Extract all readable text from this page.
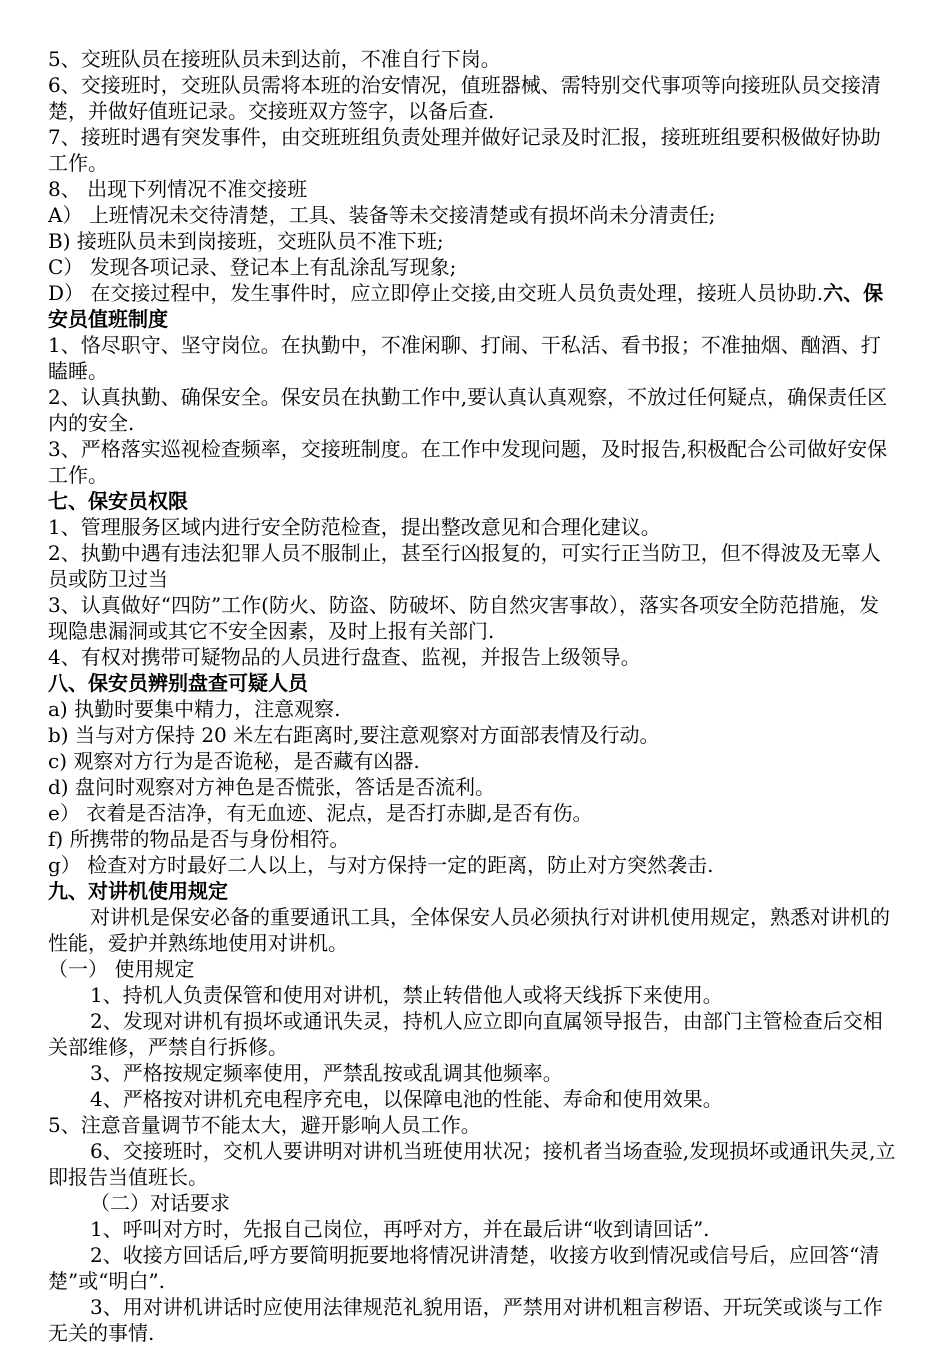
5、交班队员在接班队员未到达前，不准自行下岗。

6、交接班时，交班队员需将本班的治安情况，值班器械、需特别交代事项等向接班队员交接清楚，并做好值班记录。交接班双方签字，以备后查.

7、接班时遇有突发事件，由交班班组负责处理并做好记录及时汇报，接班班组要积极做好协助工作。

8、 出现下列情况不准交接班

A） 上班情况未交待清楚，工具、装备等未交接清楚或有损坏尚未分清责任;

B) 接班队员未到岗接班，交班队员不准下班;

C） 发现各项记录、登记本上有乱涂乱写现象;

D） 在交接过程中，发生事件时，应立即停止交接,由交班人员负责处理，接班人员协助.六、保安员值班制度

1、恪尽职守、坚守岗位。在执勤中，不准闲聊、打闹、干私活、看书报；不准抽烟、酗酒、打瞌睡。

2、认真执勤、确保安全。保安员在执勤工作中,要认真认真观察，不放过任何疑点，确保责任区内的安全.

3、严格落实巡视检查频率，交接班制度。在工作中发现问题，及时报告,积极配合公司做好安保工作。

七、保安员权限

1、管理服务区域内进行安全防范检查，提出整改意见和合理化建议。

2、执勤中遇有违法犯罪人员不服制止，甚至行凶报复的，可实行正当防卫，但不得波及无辜人员或防卫过当

3、认真做好“四防”工作(防火、防盗、防破坏、防自然灾害事故），落实各项安全防范措施，发现隐患漏洞或其它不安全因素，及时上报有关部门.

4、有权对携带可疑物品的人员进行盘查、监视，并报告上级领导。

八、保安员辨别盘查可疑人员

a) 执勤时要集中精力，注意观察.

b) 当与对方保持 20 米左右距离时,要注意观察对方面部表情及行动。

c) 观察对方行为是否诡秘，是否藏有凶器.

d) 盘问时观察对方神色是否慌张，答话是否流利。

e） 衣着是否洁净，有无血迹、泥点，是否打赤脚,是否有伤。

f) 所携带的物品是否与身份相符。

g） 检查对方时最好二人以上，与对方保持一定的距离，防止对方突然袭击.

九、对讲机使用规定

对讲机是保安必备的重要通讯工具，全体保安人员必须执行对讲机使用规定，熟悉对讲机的性能，爱护并熟练地使用对讲机。

（一） 使用规定

1、持机人负责保管和使用对讲机，禁止转借他人或将天线拆下来使用。

2、发现对讲机有损坏或通讯失灵，持机人应立即向直属领导报告，由部门主管检查后交相关部维修，严禁自行拆修。

3、严格按规定频率使用，严禁乱按或乱调其他频率。

4、严格按对讲机充电程序充电，以保障电池的性能、寿命和使用效果。

5、注意音量调节不能太大，避开影响人员工作。

6、交接班时，交机人要讲明对讲机当班使用状况；接机者当场查验,发现损坏或通讯失灵,立即报告当值班长。

（二）对话要求

1、呼叫对方时，先报自己岗位，再呼对方，并在最后讲“收到请回话”.

2、收接方回话后,呼方要简明扼要地将情况讲清楚，收接方收到情况或信号后，应回答“清楚”或“明白”.

3、用对讲机讲话时应使用法律规范礼貌用语，严禁用对讲机粗言秽语、开玩笑或谈与工作无关的事情.
